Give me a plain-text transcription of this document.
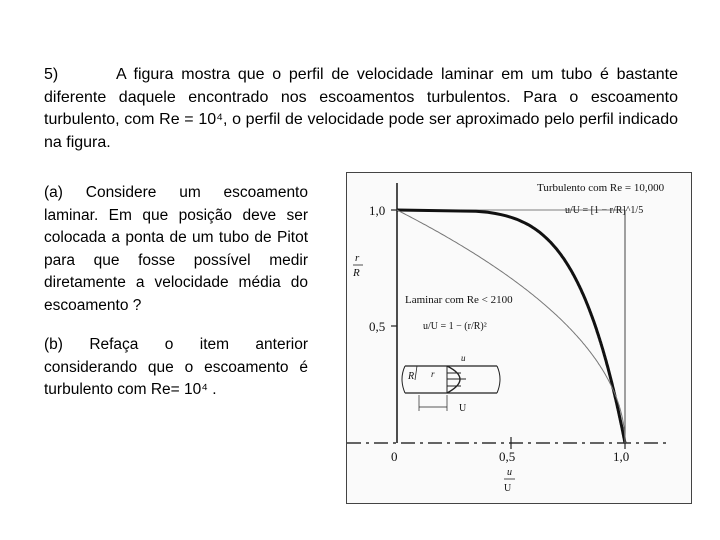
5)	A figura mostra que o perfil de velocidade laminar em um tubo é bastante diferente daquele encontrado nos escoamentos turbulentos. Para o escoamento turbulento, com Re = 10⁴, o perfil de velocidade pode ser aproximado pelo perfil indicado na figura.
(a) Considere um escoamento laminar. Em que posição deve ser colocada a ponta de um tubo de Pitot para que fosse possível medir diretamente a velocidade média do escoamento ?
(b) Refaça o item anterior considerando que o escoamento é turbulento com Re= 10⁴ .
1,0
0,5
0	0,5	1,0
r
R
u
U
Turbulento com Re = 10,000
u/U = [1 − r/R]^1/5
Laminar com Re < 2100
u/U = 1 − (r/R)²
R r
u
U
